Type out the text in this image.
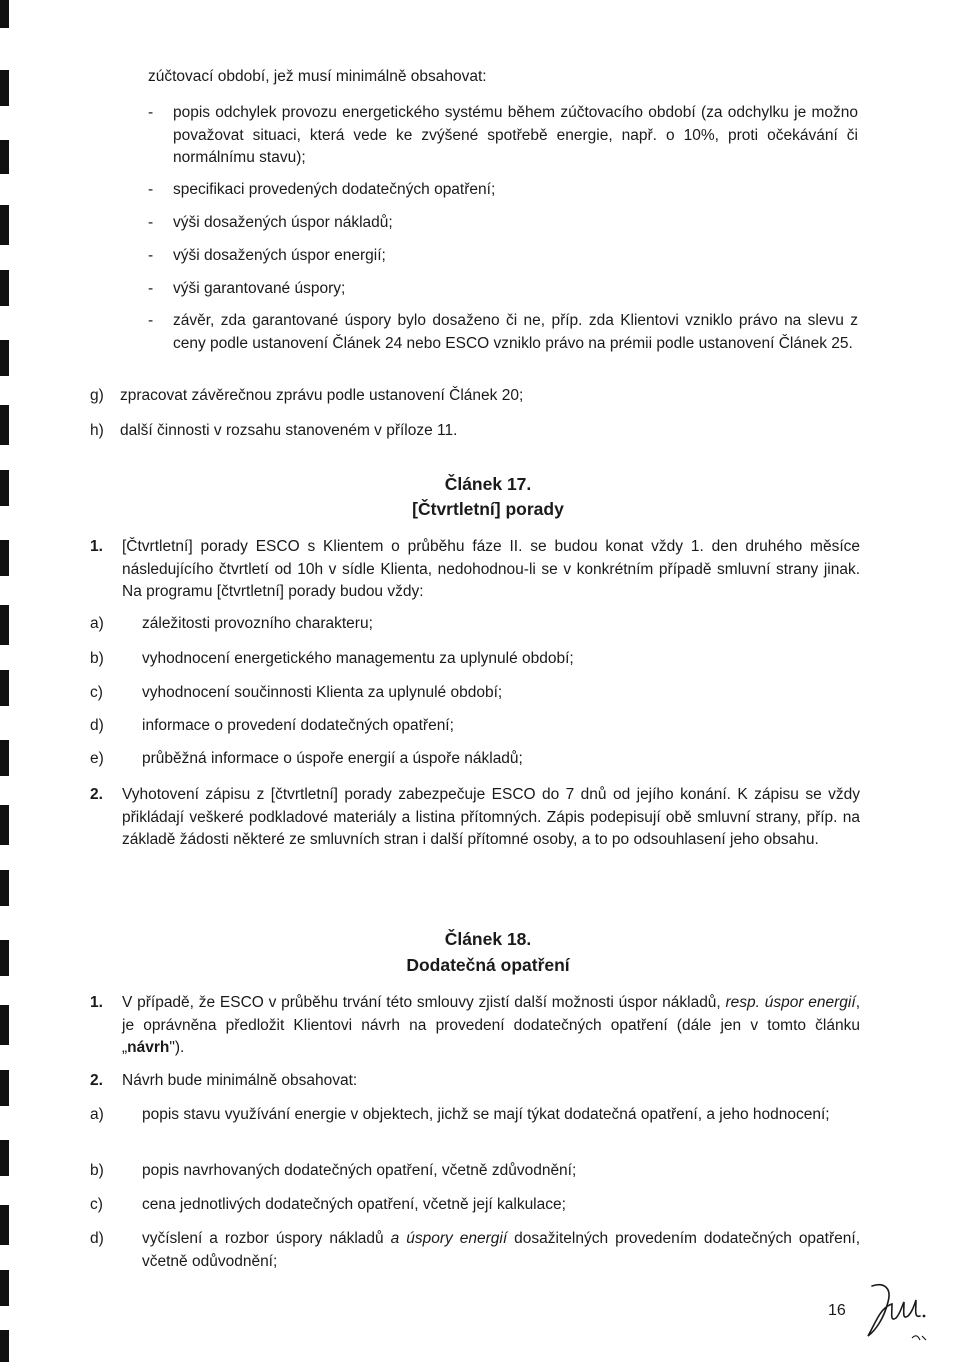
zúčtovací období, jež musí minimálně obsahovat:
-	popis odchylek provozu energetického systému během zúčtovacího období (za odchylku je možno považovat situaci, která vede ke zvýšené spotřebě energie, např. o 10%, proti očekávání či normálnímu stavu);
-	specifikaci provedených dodatečných opatření;
-	výši dosažených úspor nákladů;
-	výši dosažených úspor energií;
-	výši garantované úspory;
-	závěr, zda garantované úspory bylo dosaženo či ne, příp. zda Klientovi vzniklo právo na slevu z ceny podle ustanovení Článek 24 nebo ESCO vzniklo právo na prémii podle ustanovení Článek 25.
g)	zpracovat závěrečnou zprávu podle ustanovení Článek 20;
h)	další činnosti v rozsahu stanoveném v příloze 11.
Článek 17.
[Čtvrtletní] porady
1.	[Čtvrtletní] porady ESCO s Klientem o průběhu fáze II. se budou konat vždy 1. den druhého měsíce následujícího čtvrtletí od 10h v sídle Klienta, nedohodnou-li se v konkrétním případě smluvní strany jinak. Na programu [čtvrtletní] porady budou vždy:
a)	záležitosti provozního charakteru;
b)	vyhodnocení energetického managementu za uplynulé období;
c)	vyhodnocení součinnosti Klienta za uplynulé období;
d)	informace o provedení dodatečných opatření;
e)	průběžná informace o úspoře energií a úspoře nákladů;
2.	Vyhotovení zápisu z [čtvrtletní] porady zabezpečuje ESCO do 7 dnů od jejího konání. K zápisu se vždy přikládají veškeré podkladové materiály a listina přítomných. Zápis podepisují obě smluvní strany, příp. na základě žádosti některé ze smluvních stran i další přítomné osoby, a to po odsouhlasení jeho obsahu.
Článek 18.
Dodatečná opatření
1.	V případě, že ESCO v průběhu trvání této smlouvy zjistí další možnosti úspor nákladů, resp. úspor energií, je oprávněna předložit Klientovi návrh na provedení dodatečných opatření (dále jen v tomto článku „návrh").
2.	Návrh bude minimálně obsahovat:
a)	popis stavu využívání energie v objektech, jichž se mají týkat dodatečná opatření, a jeho hodnocení;
b)	popis navrhovaných dodatečných opatření, včetně zdůvodnění;
c)	cena jednotlivých dodatečných opatření, včetně její kalkulace;
d)	vyčíslení a rozbor úspory nákladů a úspory energií dosažitelných provedením dodatečných opatření, včetně odůvodnění;
16
